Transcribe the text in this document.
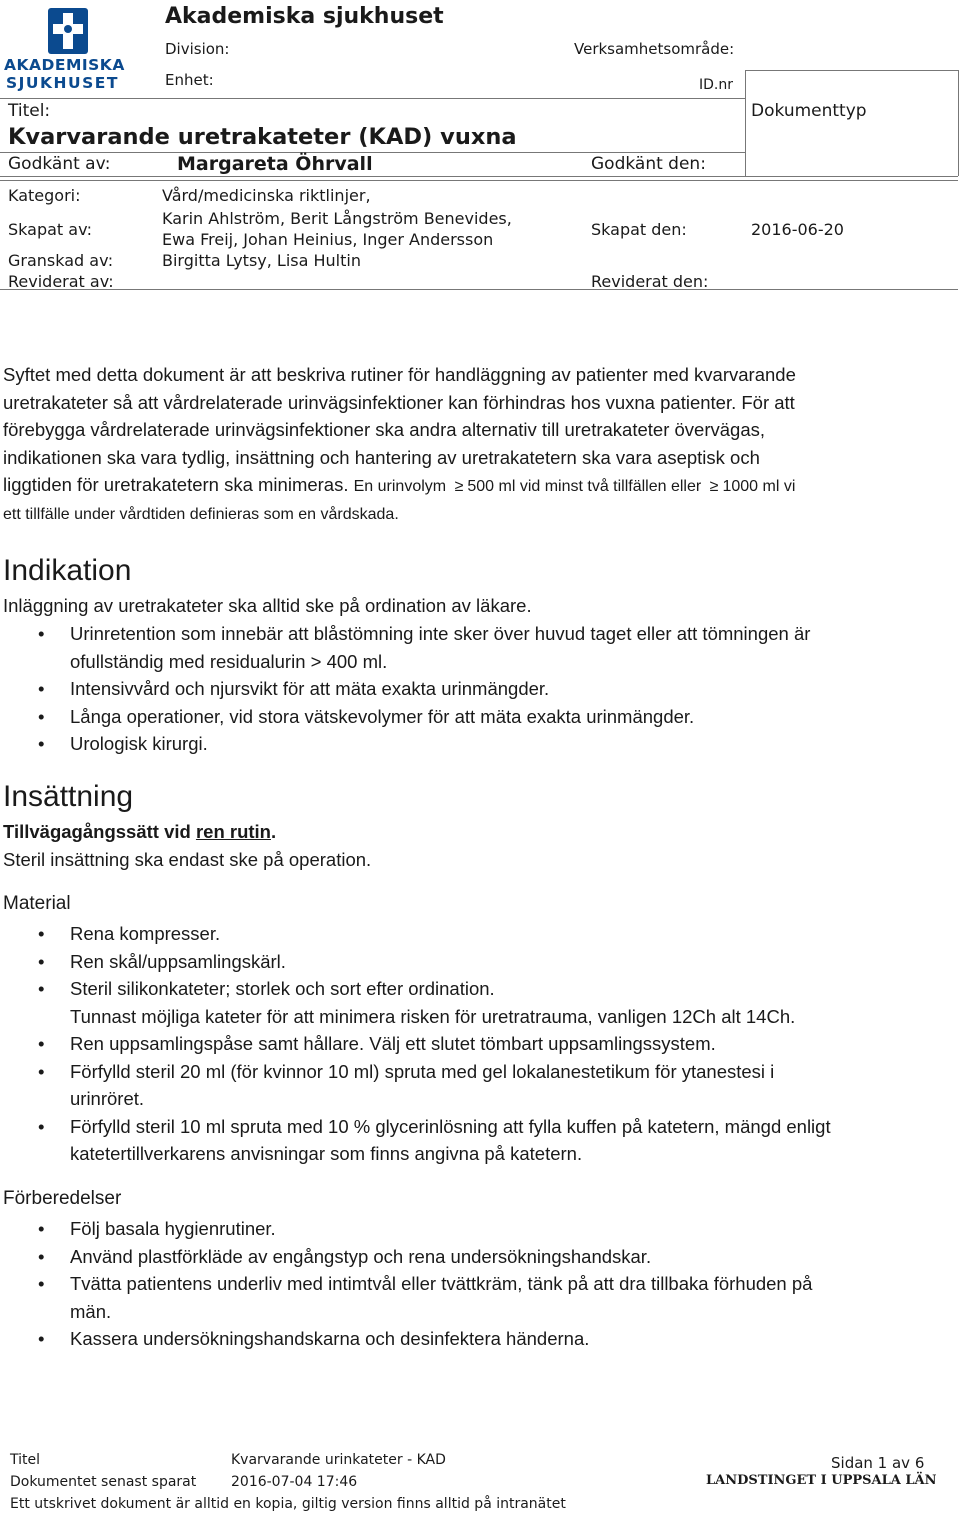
AKADEMISKA
SJUKHUSET
Akademiska sjukhuset
Division:	Verksamhetsområde:
Enhet:	ID.nr
Titel:	Dokumenttyp
Kvarvarande uretrakateter (KAD) vuxna
Godkänt av:	Margareta Öhrvall	Godkänt den:
Kategori:	Vård/medicinska riktlinjer,
Skapat av:
Karin Ahlström, Berit Långström Benevides,
Ewa Freij, Johan Heinius, Inger Andersson
Skapat den:	2016-06-20
Granskad av:	Birgitta Lytsy, Lisa Hultin
Reviderat av:	Reviderat den:
Syftet med detta dokument är att beskriva rutiner för handläggning av patienter med kvarvarande
uretrakateter så att vårdrelaterade urinvägsinfektioner kan förhindras hos vuxna patienter. För att
förebygga vårdrelaterade urinvägsinfektioner ska andra alternativ till uretrakateter övervägas,
indikationen ska vara tydlig, insättning och hantering av uretrakatetern ska vara aseptisk och
liggtiden för uretrakatetern ska minimeras. En urinvolym ≥ 500 ml vid minst två tillfällen eller ≥ 1000 ml vi
ett tillfälle under vårdtiden definieras som en vårdskada.
Indikation
Inläggning av uretrakateter ska alltid ske på ordination av läkare.
• Urinretention som innebär att blåstömning inte sker över huvud taget eller att tömningen är
ofullständig med residualurin > 400 ml.
• Intensivvård och njursvikt för att mäta exakta urinmängder.
• Långa operationer, vid stora vätskevolymer för att mäta exakta urinmängder.
• Urologisk kirurgi.
Insättning
Tillvägagångssätt vid ren rutin.
Steril insättning ska endast ske på operation.
Material
• Rena kompresser.
• Ren skål/uppsamlingskärl.
• Steril silikonkateter; storlek och sort efter ordination.
Tunnast möjliga kateter för att minimera risken för uretratrauma, vanligen 12Ch alt 14Ch.
• Ren uppsamlingspåse samt hållare. Välj ett slutet tömbart uppsamlingssystem.
• Förfylld steril 20 ml (för kvinnor 10 ml) spruta med gel lokalanestetikum för ytanestesi i
urinröret.
• Förfylld steril 10 ml spruta med 10 % glycerinlösning att fylla kuffen på katetern, mängd enligt
katetertillverkarens anvisningar som finns angivna på katetern.
Förberedelser
• Följ basala hygienrutiner.
• Använd plastförkläde av engångstyp och rena undersökningshandskar.
• Tvätta patientens underliv med intimtvål eller tvättkräm, tänk på att dra tillbaka förhuden på
män.
• Kassera undersökningshandskarna och desinfektera händerna.
Titel	Kvarvarande urinkateter - KAD	Sidan 1 av 6
Dokumentet senast sparat 2016-07-04 17:46	LANDSTINGET I UPPSALA LÄN
Ett utskrivet dokument är alltid en kopia, giltig version finns alltid på intranätet
